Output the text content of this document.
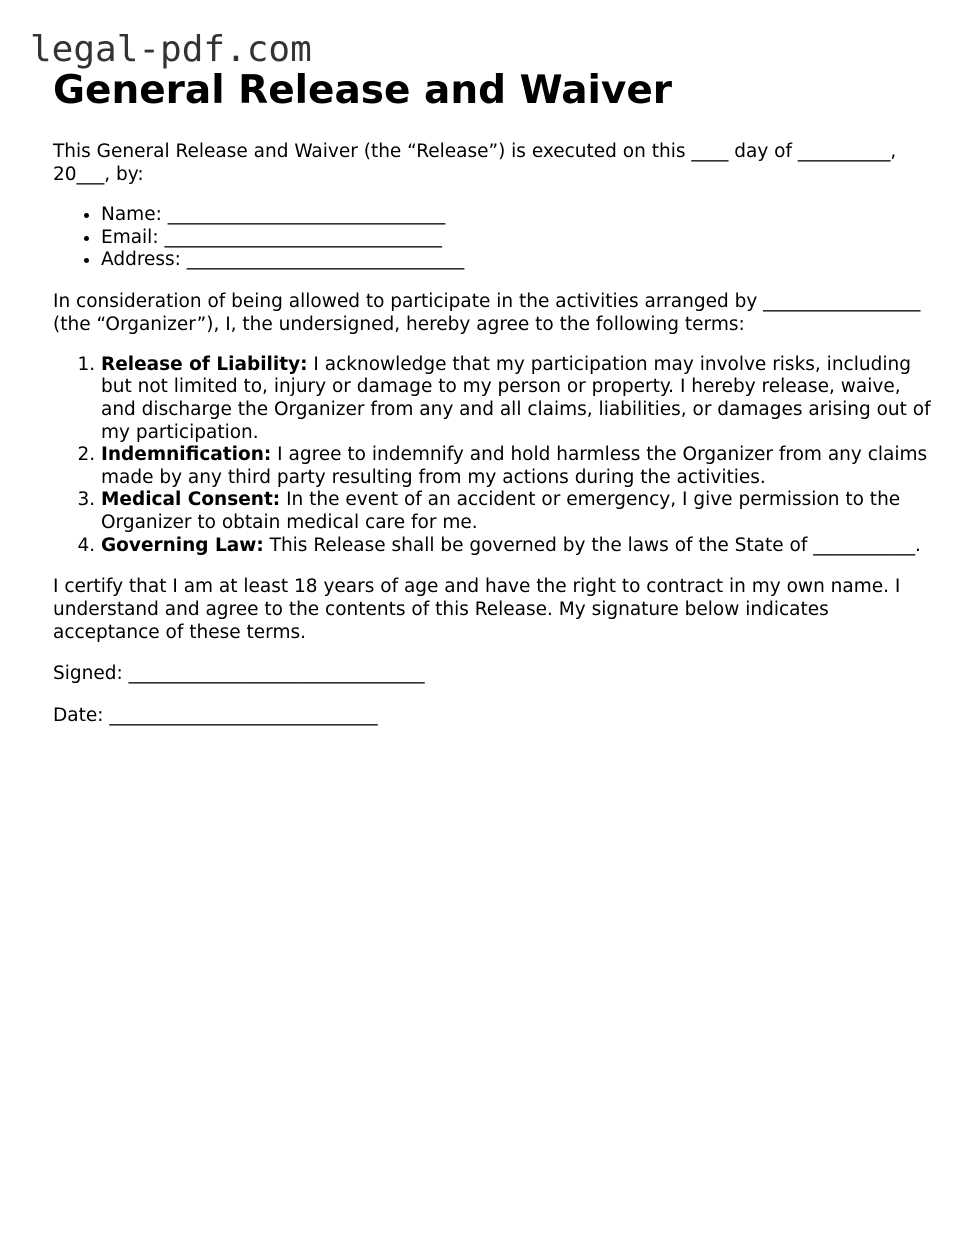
legal-pdf.com
General Release and Waiver

This General Release and Waiver (the “Release”) is executed on this ____ day of __________, 20___, by:

• Name: ______________________________
• Email: ______________________________
• Address: ______________________________

In consideration of being allowed to participate in the activities arranged by _________________ (the “Organizer”), I, the undersigned, hereby agree to the following terms:

1. Release of Liability: I acknowledge that my participation may involve risks, including but not limited to, injury or damage to my person or property. I hereby release, waive, and discharge the Organizer from any and all claims, liabilities, or damages arising out of my participation.
2. Indemnification: I agree to indemnify and hold harmless the Organizer from any claims made by any third party resulting from my actions during the activities.
3. Medical Consent: In the event of an accident or emergency, I give permission to the Organizer to obtain medical care for me.
4. Governing Law: This Release shall be governed by the laws of the State of ___________.

I certify that I am at least 18 years of age and have the right to contract in my own name. I understand and agree to the contents of this Release. My signature below indicates acceptance of these terms.

Signed: ________________________________

Date: _____________________________
